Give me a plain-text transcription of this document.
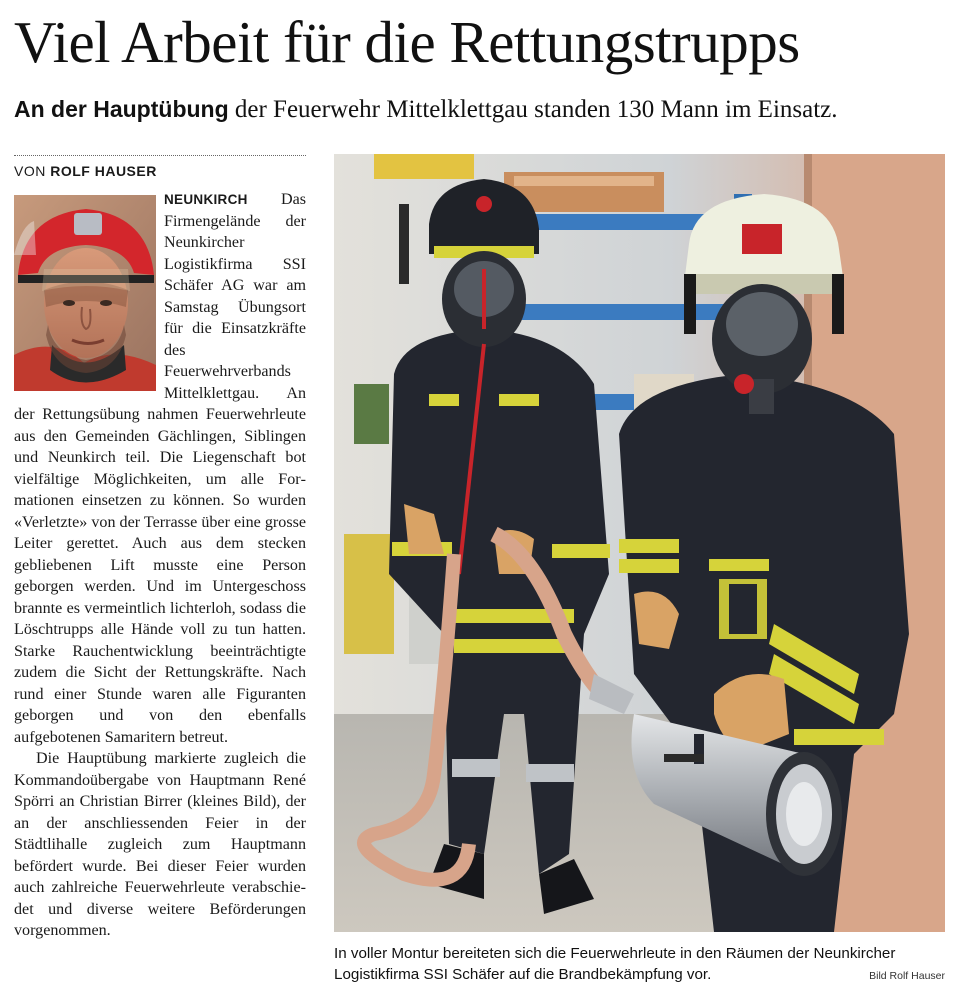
Viel Arbeit für die Rettungstrupps
An der Hauptübung der Feuerwehr Mittelklettgau standen 130 Mann im Einsatz.
VON ROLF HAUSER

NEUNKIRCH Das Firmengelände der Neunkircher Logistikfirma SSI Schäfer AG war am Samstag Übungsort für die Einsatzkräfte des Feuerwehrverbands Mittelklettgau. An der Rettungsübung nahmen Feuerwehrleute aus den Gemeinden Gächlingen, Siblingen und Neunkirch teil. Die Liegenschaft bot vielfältige Möglichkeiten, um alle Formationen einsetzen zu können. So wurden «Verletzte» von der Terrasse über eine grosse Leiter gerettet. Auch aus dem stecken gebliebenen Lift musste eine Person geborgen werden. Und im Untergeschoss brannte es vermeintlich lichterloh, sodass die Löschtrupps alle Hände voll zu tun hatten. Starke Rauchentwicklung beeinträchtigte zudem die Sicht der Rettungskräfte. Nach rund einer Stunde waren alle Figuranten geborgen und von den ebenfalls aufgebotenen Samaritern betreut.

Die Hauptübung markierte zugleich die Kommandoübergabe von Hauptmann René Spörri an Christian Birrer (kleines Bild), der an der anschliessenden Feier in der Städtlihalle zugleich zum Hauptmann befördert wurde. Bei dieser Feier wurden auch zahlreiche Feuerwehrleute verabschiedet und diverse weitere Beförderungen vorgenommen.

In voller Montur bereiteten sich die Feuerwehrleute in den Räumen der Neunkircher Logistikfirma SSI Schäfer auf die Brandbekämpfung vor.	Bild Rolf Hauser
